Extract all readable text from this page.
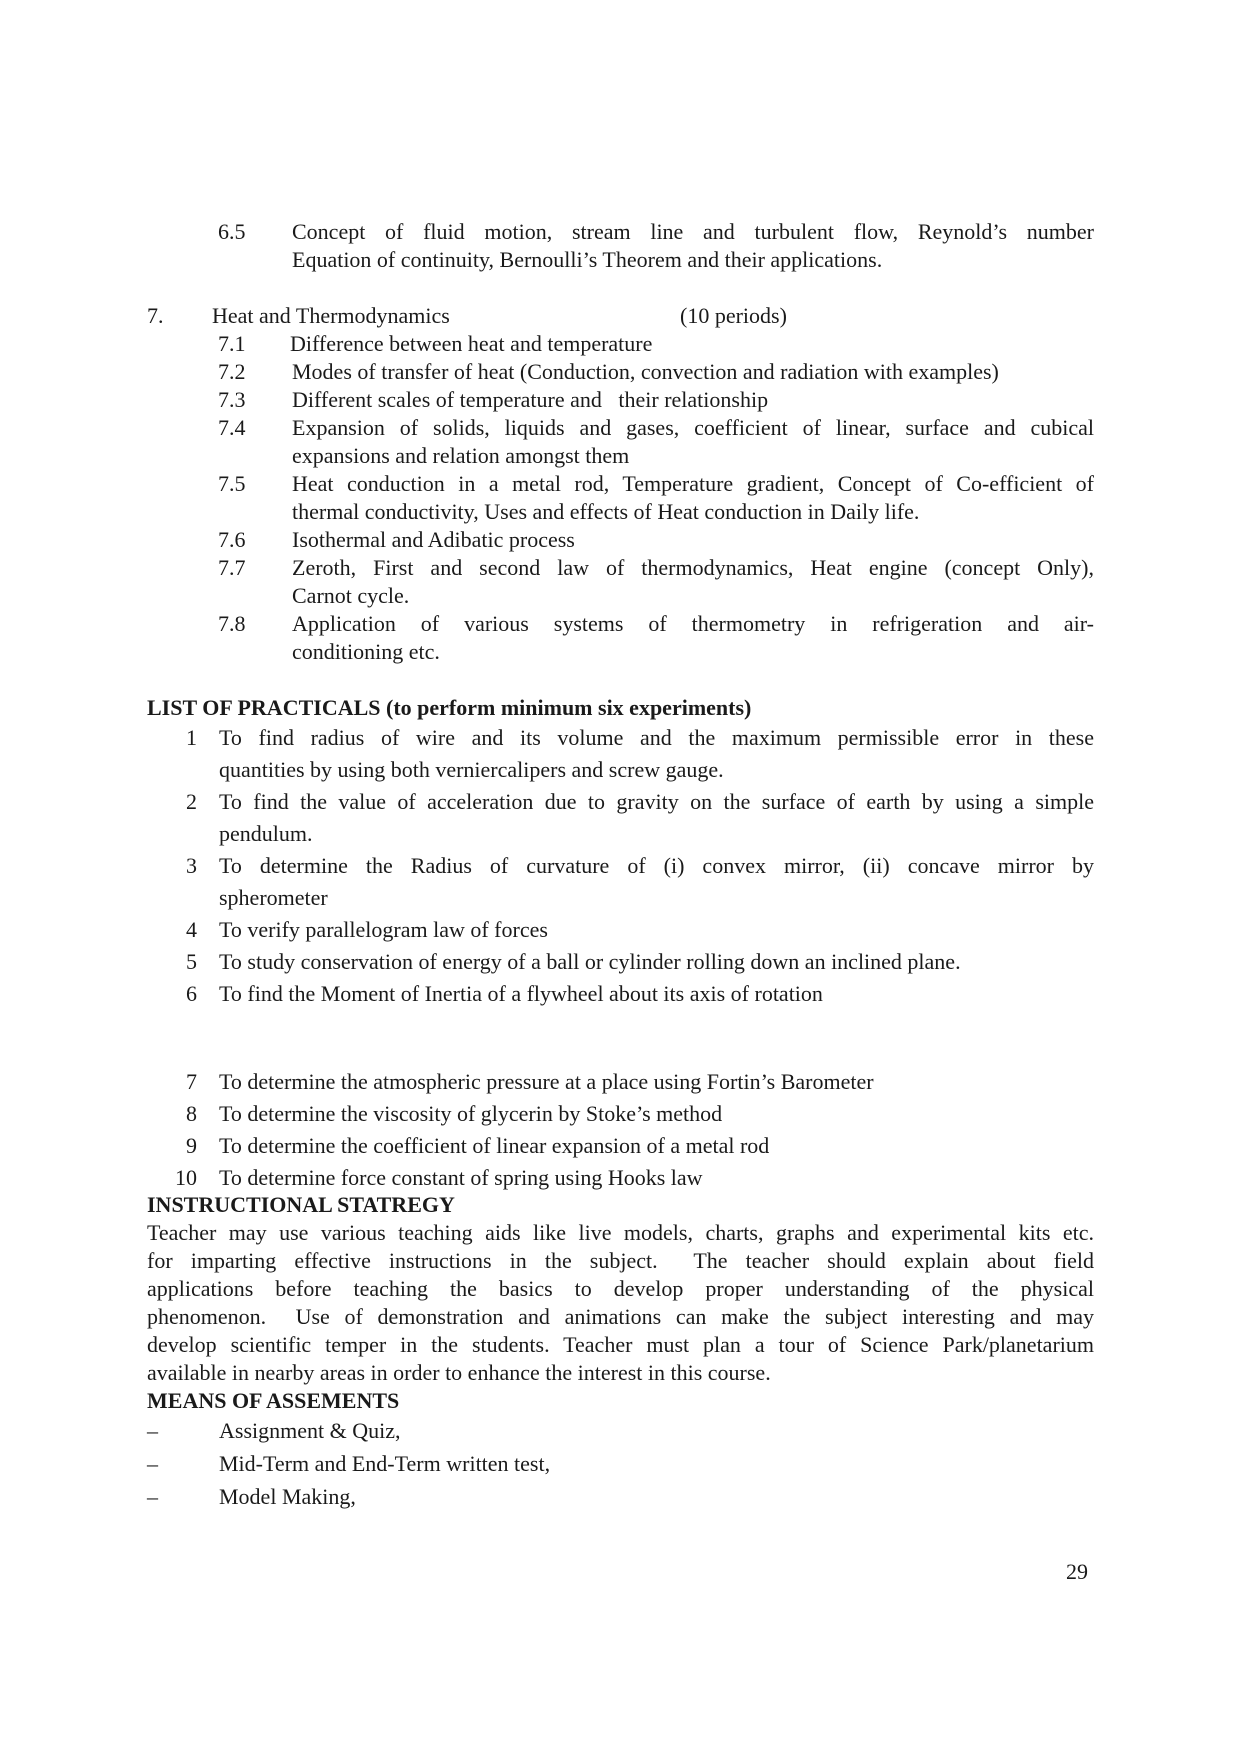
6.5 Concept of fluid motion, stream line and turbulent flow, Reynold’s number
Equation of continuity, Bernoulli’s Theorem and their applications.
7. Heat and Thermodynamics	(10 periods)
7.1 Difference between heat and temperature
7.2 Modes of transfer of heat (Conduction, convection and radiation with examples)
7.3 Different scales of temperature and   their relationship
7.4 Expansion of solids, liquids and gases, coefficient of linear, surface and cubical
expansions and relation amongst them
7.5 Heat conduction in a metal rod, Temperature gradient, Concept of Co-efficient of
thermal conductivity, Uses and effects of Heat conduction in Daily life.
7.6 Isothermal and Adibatic process
7.7 Zeroth, First and second law of thermodynamics, Heat engine (concept Only),
Carnot cycle.
7.8 Application of various systems of thermometry in refrigeration and air-
conditioning etc.
LIST OF PRACTICALS (to perform minimum six experiments)
1 To find radius of wire and its volume and the maximum permissible error in these
quantities by using both verniercalipers and screw gauge.
2 To find the value of acceleration due to gravity on the surface of earth by using a simple
pendulum.
3 To determine the Radius of curvature of (i) convex mirror, (ii) concave mirror by
spherometer
4 To verify parallelogram law of forces
5 To study conservation of energy of a ball or cylinder rolling down an inclined plane.
6 To find the Moment of Inertia of a flywheel about its axis of rotation
7 To determine the atmospheric pressure at a place using Fortin’s Barometer
8 To determine the viscosity of glycerin by Stoke’s method
9 To determine the coefficient of linear expansion of a metal rod
10 To determine force constant of spring using Hooks law
INSTRUCTIONAL STATREGY
Teacher may use various teaching aids like live models, charts, graphs and experimental kits etc.
for imparting effective instructions in the subject.  The teacher should explain about field
applications before teaching the basics to develop proper understanding of the physical
phenomenon.  Use of demonstration and animations can make the subject interesting and may
develop scientific temper in the students. Teacher must plan a tour of Science Park/planetarium
available in nearby areas in order to enhance the interest in this course.
MEANS OF ASSEMENTS
–	Assignment & Quiz,
–	Mid-Term and End-Term written test,
–	Model Making,
29
